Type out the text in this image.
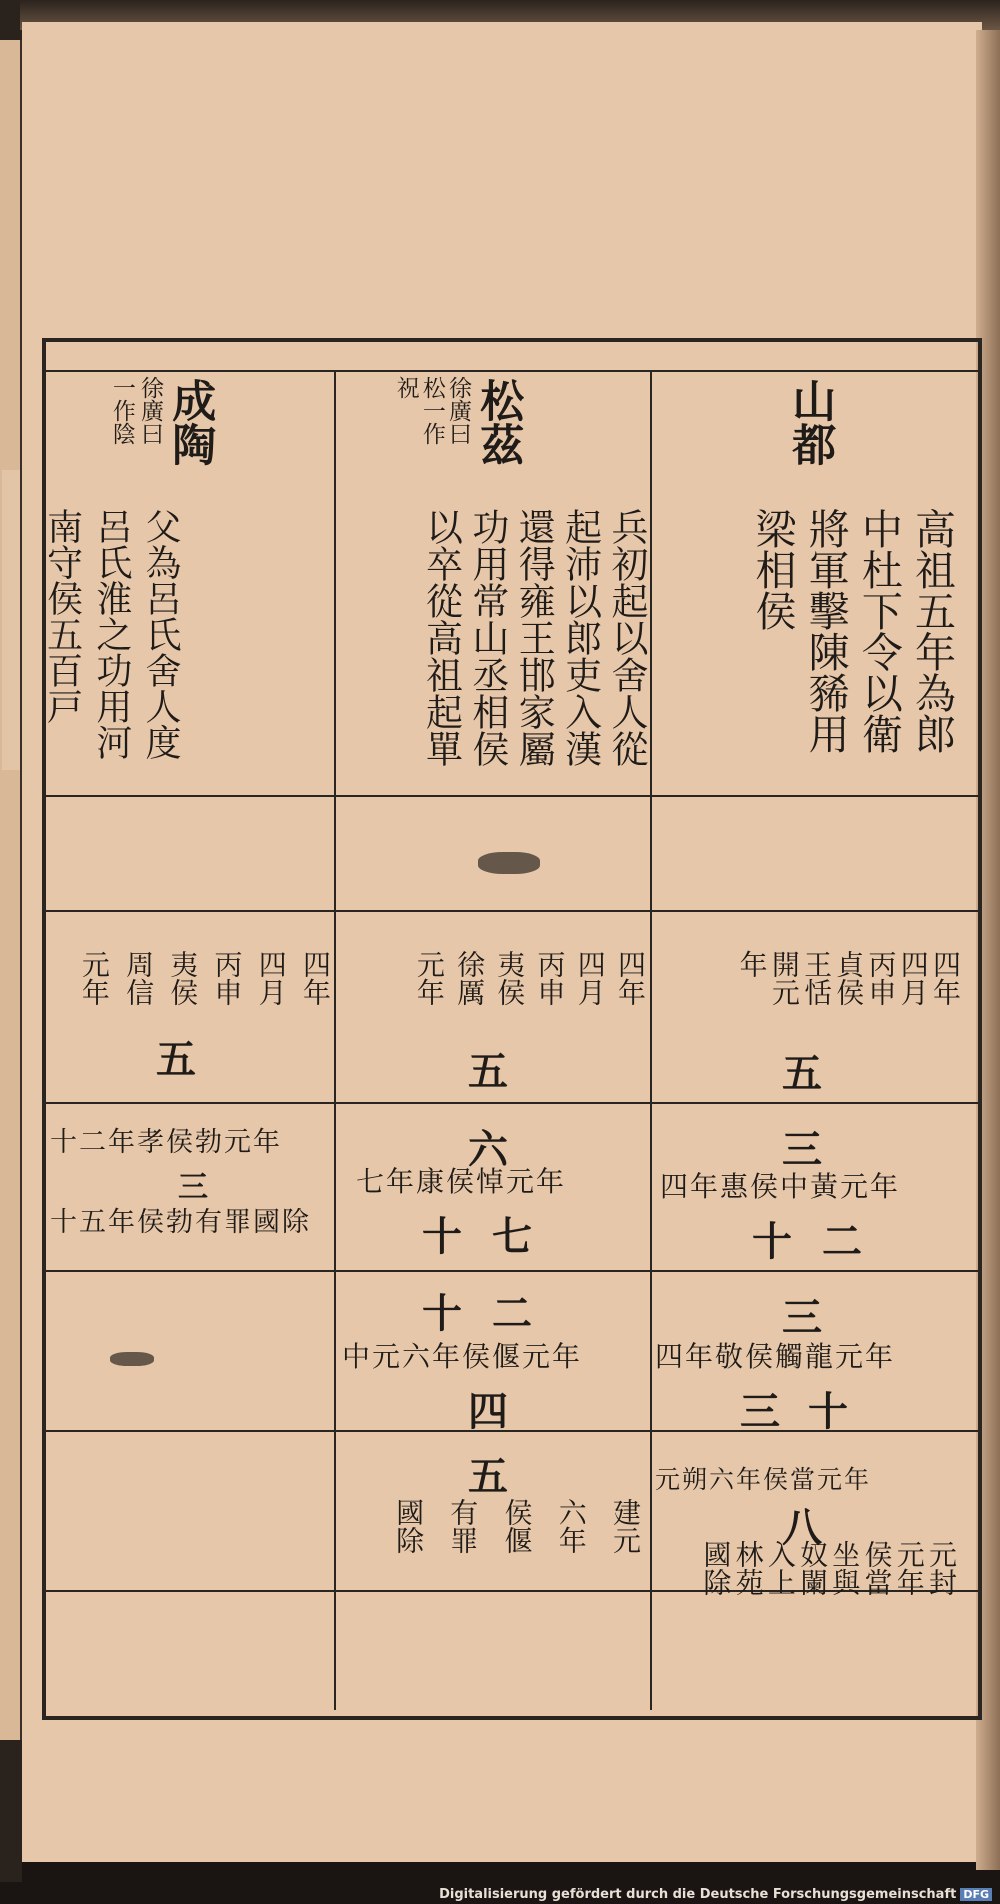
山都
高祖五年為郎
中杜下令以衛
將軍擊陳豨用
梁相侯
四年
四月
丙申
貞侯
王恬
開元
年
五
三
四年惠侯中黃元年
十二
三
四年敬侯觸龍元年
三十
元朔六年侯當元年
八
元封
元年
侯當
坐與
奴闌
入上
林苑
國除
松茲
徐廣曰
松一作
祝
兵初起以舍人從
起沛以郎吏入漢
還得雍王邯家屬
功用常山丞相侯
以卒從高祖起單
四年
四月
丙申
夷侯
徐厲
元年
五
六
七年康侯悼元年
十七
十二
中元六年侯偃元年
四
五
建元
六年
侯偃
有罪
國除
成陶
徐廣曰
一作陰
父為呂氏舍人度
呂氏淮之功用河
南守侯五百戸
四年
四月
丙申
夷侯
周信
元年
五
十二年孝侯勃元年
三
十五年侯勃有罪國除
Digitalisierung gefördert durch die Deutsche Forschungsgemeinschaft DFG
